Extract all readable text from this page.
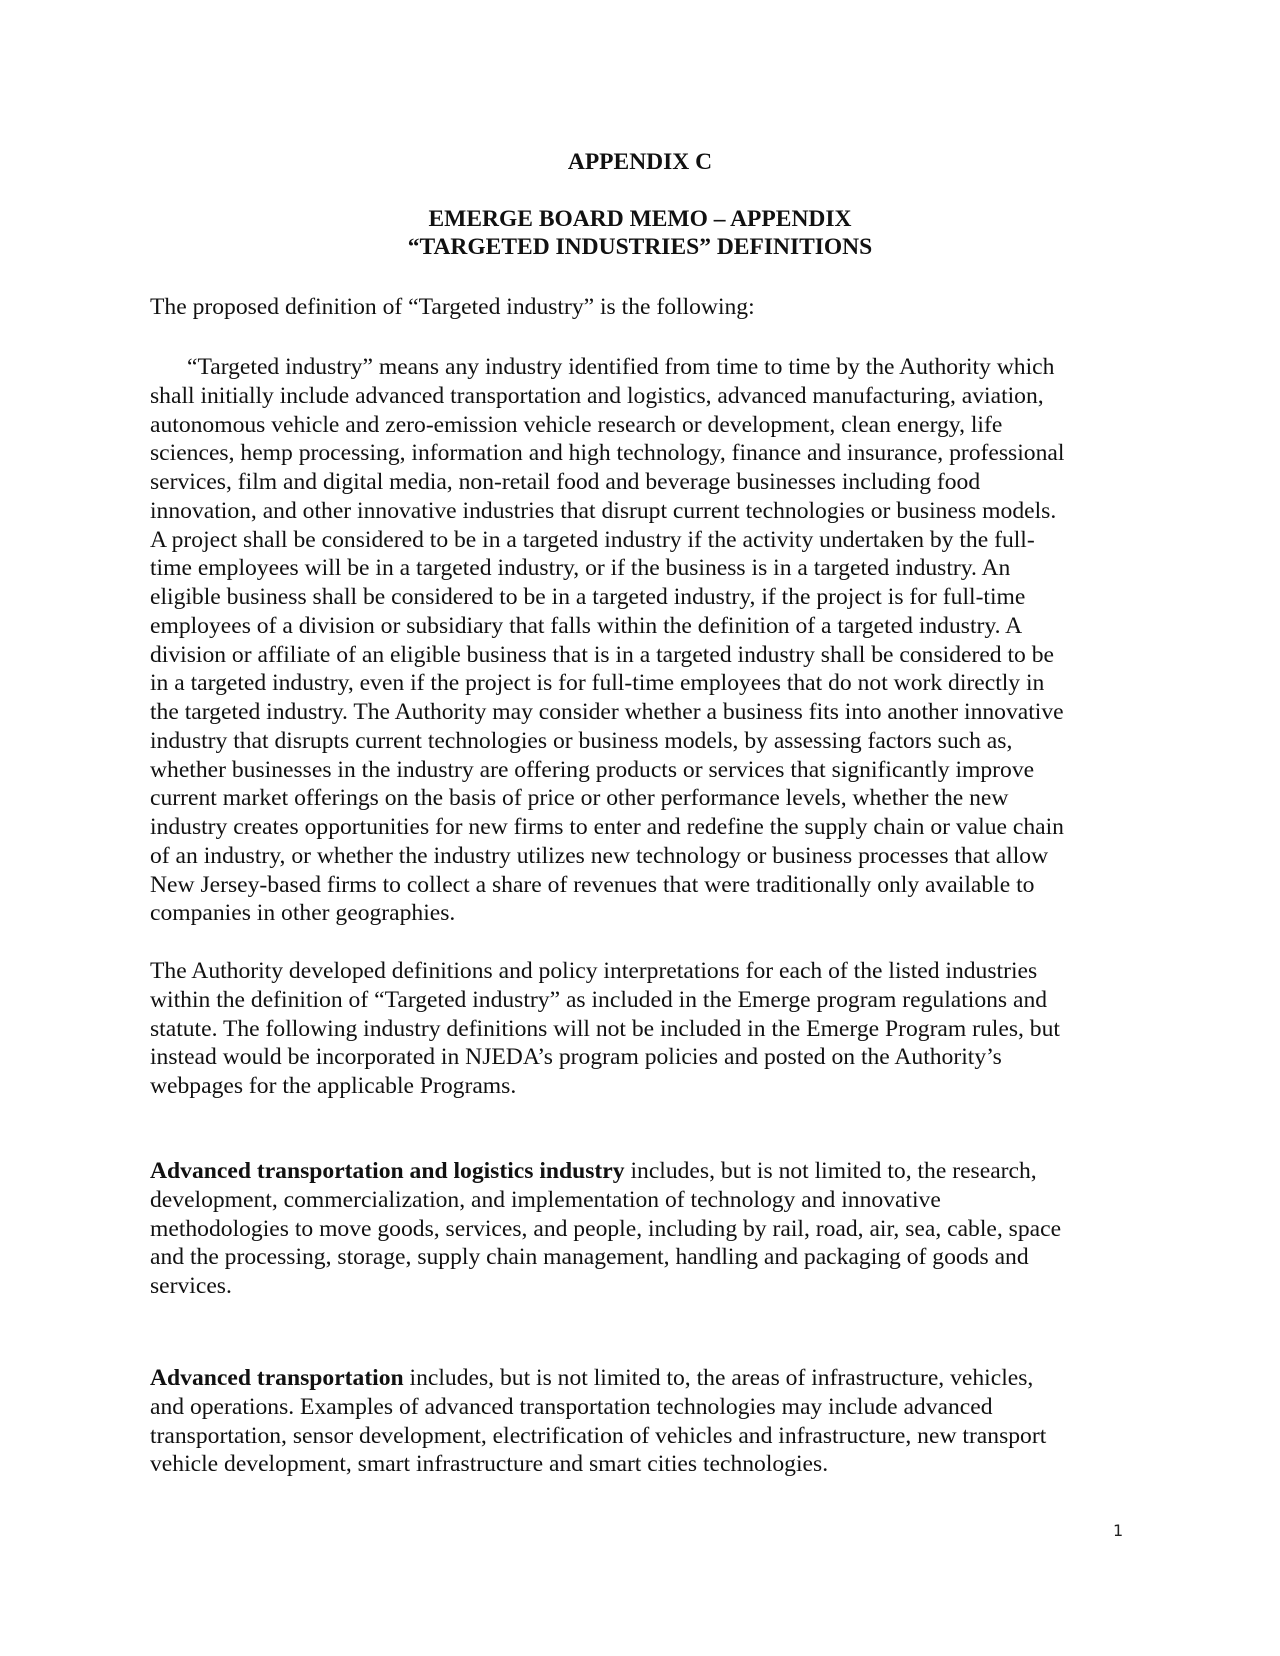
APPENDIX C
EMERGE BOARD MEMO – APPENDIX
“TARGETED INDUSTRIES” DEFINITIONS
The proposed definition of “Targeted industry” is the following:
“Targeted industry” means any industry identified from time to time by the Authority which
shall initially include advanced transportation and logistics, advanced manufacturing, aviation,
autonomous vehicle and zero-emission vehicle research or development, clean energy, life
sciences, hemp processing, information and high technology, finance and insurance, professional
services, film and digital media, non-retail food and beverage businesses including food
innovation, and other innovative industries that disrupt current technologies or business models.
A project shall be considered to be in a targeted industry if the activity undertaken by the full-
time employees will be in a targeted industry, or if the business is in a targeted industry. An
eligible business shall be considered to be in a targeted industry, if the project is for full-time
employees of a division or subsidiary that falls within the definition of a targeted industry. A
division or affiliate of an eligible business that is in a targeted industry shall be considered to be
in a targeted industry, even if the project is for full-time employees that do not work directly in
the targeted industry. The Authority may consider whether a business fits into another innovative
industry that disrupts current technologies or business models, by assessing factors such as,
whether businesses in the industry are offering products or services that significantly improve
current market offerings on the basis of price or other performance levels, whether the new
industry creates opportunities for new firms to enter and redefine the supply chain or value chain
of an industry, or whether the industry utilizes new technology or business processes that allow
New Jersey-based firms to collect a share of revenues that were traditionally only available to
companies in other geographies.
The Authority developed definitions and policy interpretations for each of the listed industries
within the definition of “Targeted industry” as included in the Emerge program regulations and
statute. The following industry definitions will not be included in the Emerge Program rules, but
instead would be incorporated in NJEDA’s program policies and posted on the Authority’s
webpages for the applicable Programs.
Advanced transportation and logistics industry includes, but is not limited to, the research,
development, commercialization, and implementation of technology and innovative
methodologies to move goods, services, and people, including by rail, road, air, sea, cable, space
and the processing, storage, supply chain management, handling and packaging of goods and
services.
Advanced transportation includes, but is not limited to, the areas of infrastructure, vehicles,
and operations. Examples of advanced transportation technologies may include advanced
transportation, sensor development, electrification of vehicles and infrastructure, new transport
vehicle development, smart infrastructure and smart cities technologies.
1
